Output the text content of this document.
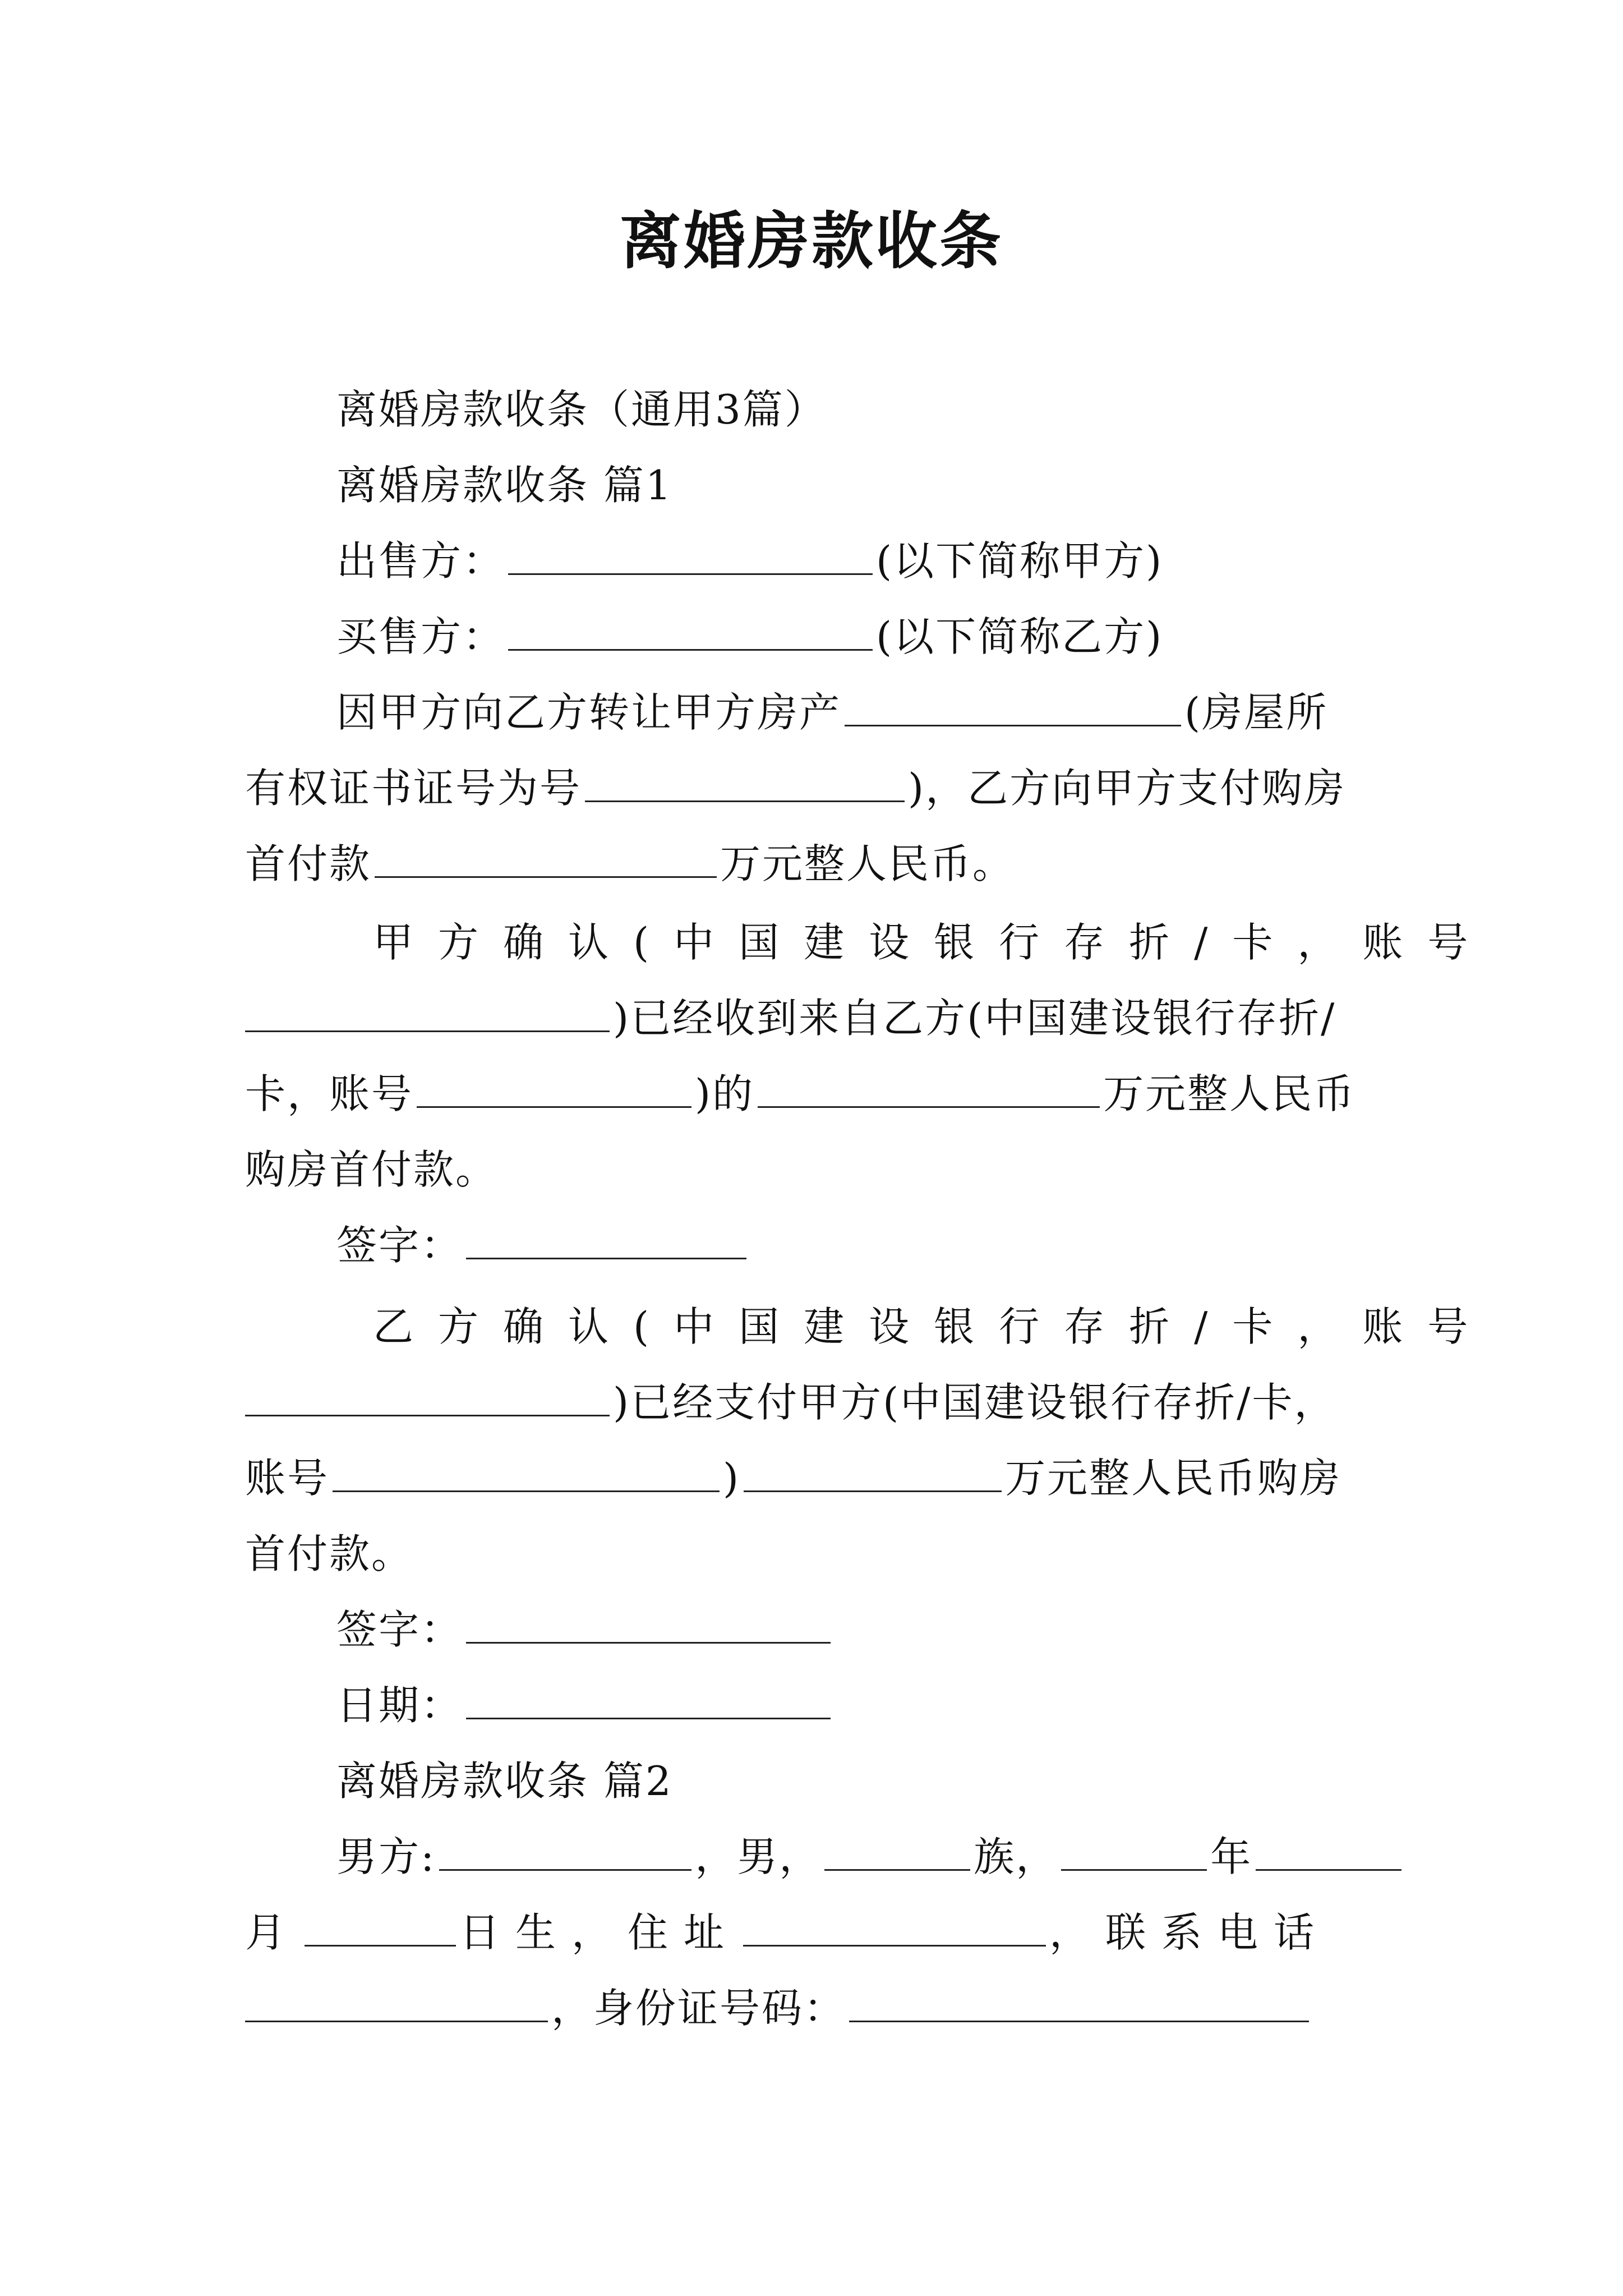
离婚房款收条
离婚房款收条（通用3篇）
离婚房款收条 篇1
出售方：	(以下简称甲方)
买售方：	(以下简称乙方)
因甲方向乙方转让甲方房产	(房屋所
有权证书证号为号	)，乙方向甲方支付购房
首付款	万元整人民币。
甲方确认(中国建设银行存折/卡，账号
)已经收到来自乙方(中国建设银行存折/
卡，账号	)的	万元整人民币
购房首付款。
签字：
乙方确认(中国建设银行存折/卡，账号
)已经支付甲方(中国建设银行存折/卡，
账号	)	万元整人民币购房
首付款。
签字：
日期：
离婚房款收条 篇2
男方:	，男，	族，	年
月	日生，住址	，联系电话
，身份证号码：
